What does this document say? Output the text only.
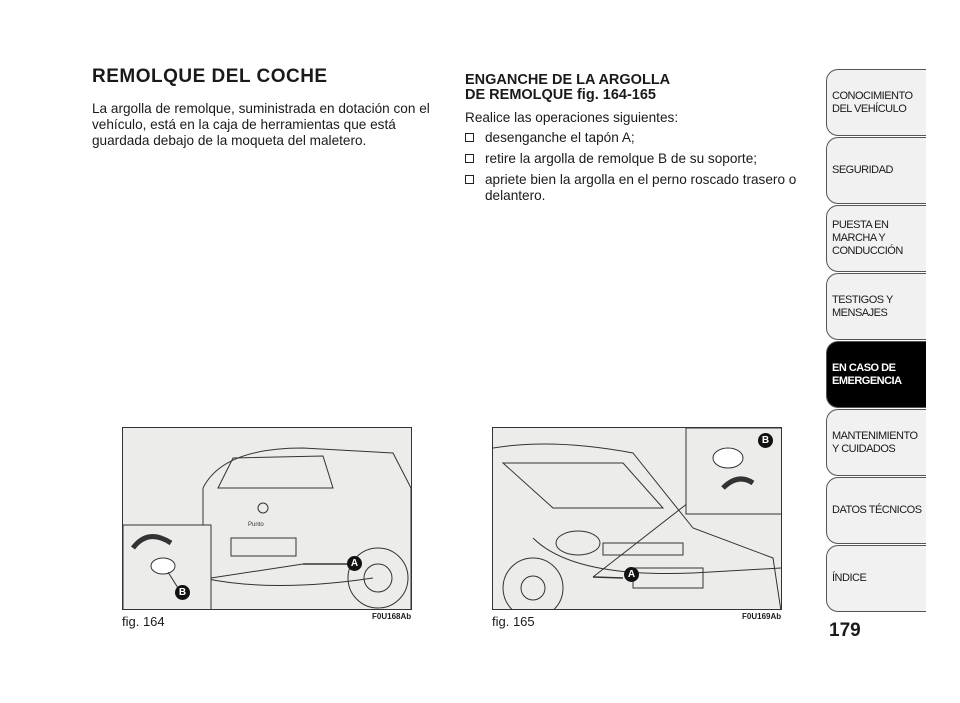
REMOLQUE DEL COCHE
La argolla de remolque, suministrada en dotación con el vehículo, está en la caja de herramientas que está guardada debajo de la moqueta del maletero.
ENGANCHE DE LA ARGOLLA
DE REMOLQUE fig. 164-165
Realice las operaciones siguientes:
desenganche el tapón A;
retire la argolla de remolque B de su soporte;
apriete bien la argolla en el perno roscado trasero o delantero.
Punto
A
B
fig. 164	F0U168Ab
A
B
fig. 165	F0U169Ab
CONOCIMIENTO DEL VEHÍCULO
SEGURIDAD
PUESTA EN MARCHA Y CONDUCCIÓN
TESTIGOS Y MENSAJES
EN CASO DE EMERGENCIA
MANTENIMIENTO Y CUIDADOS
DATOS TÉCNICOS
ÍNDICE
179
